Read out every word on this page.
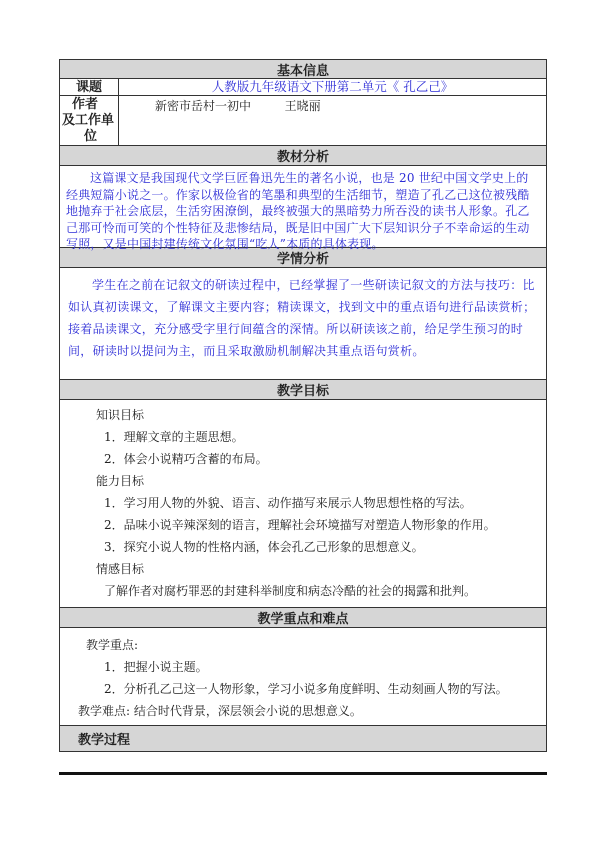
基本信息
课题	人教版九年级语文下册第二单元《 孔乙己》
作者
及工作单
位
新密市岳村一初中	王晓丽
教材分析
这篇课文是我国现代文学巨匠鲁迅先生的著名小说，也是 20 世纪中国文学史上的经典短篇小说之一。作家以极俭省的笔墨和典型的生活细节，塑造了孔乙己这位被残酷地抛弃于社会底层，生活穷困潦倒，最终被强大的黑暗势力所吞没的读书人形象。孔乙己那可怜而可笑的个性特征及悲惨结局，既是旧中国广大下层知识分子不幸命运的生动写照，又是中国封建传统文化氛围“吃人”本质的具体表现。
学情分析
学生在之前在记叙文的研读过程中，已经掌握了一些研读记叙文的方法与技巧：比如认真初读课文，了解课文主要内容；精读课文，找到文中的重点语句进行品读赏析；接着品读课文，充分感受字里行间蕴含的深情。所以研读该之前，给足学生预习的时间，研读时以提问为主，而且采取激励机制解决其重点语句赏析。
教学目标
知识目标
1．理解文章的主题思想。
2．体会小说精巧含蓄的布局。
能力目标
1．学习用人物的外貌、语言、动作描写来展示人物思想性格的写法。
2．品味小说辛辣深刻的语言，理解社会环境描写对塑造人物形象的作用。
3．探究小说人物的性格内涵，体会孔乙己形象的思想意义。
情感目标
了解作者对腐朽罪恶的封建科举制度和病态冷酷的社会的揭露和批判。
教学重点和难点
教学重点:
1．把握小说主题。
2．分析孔乙己这一人物形象，学习小说多角度鲜明、生动刻画人物的写法。
教学难点: 结合时代背景，深层领会小说的思想意义。
教学过程
